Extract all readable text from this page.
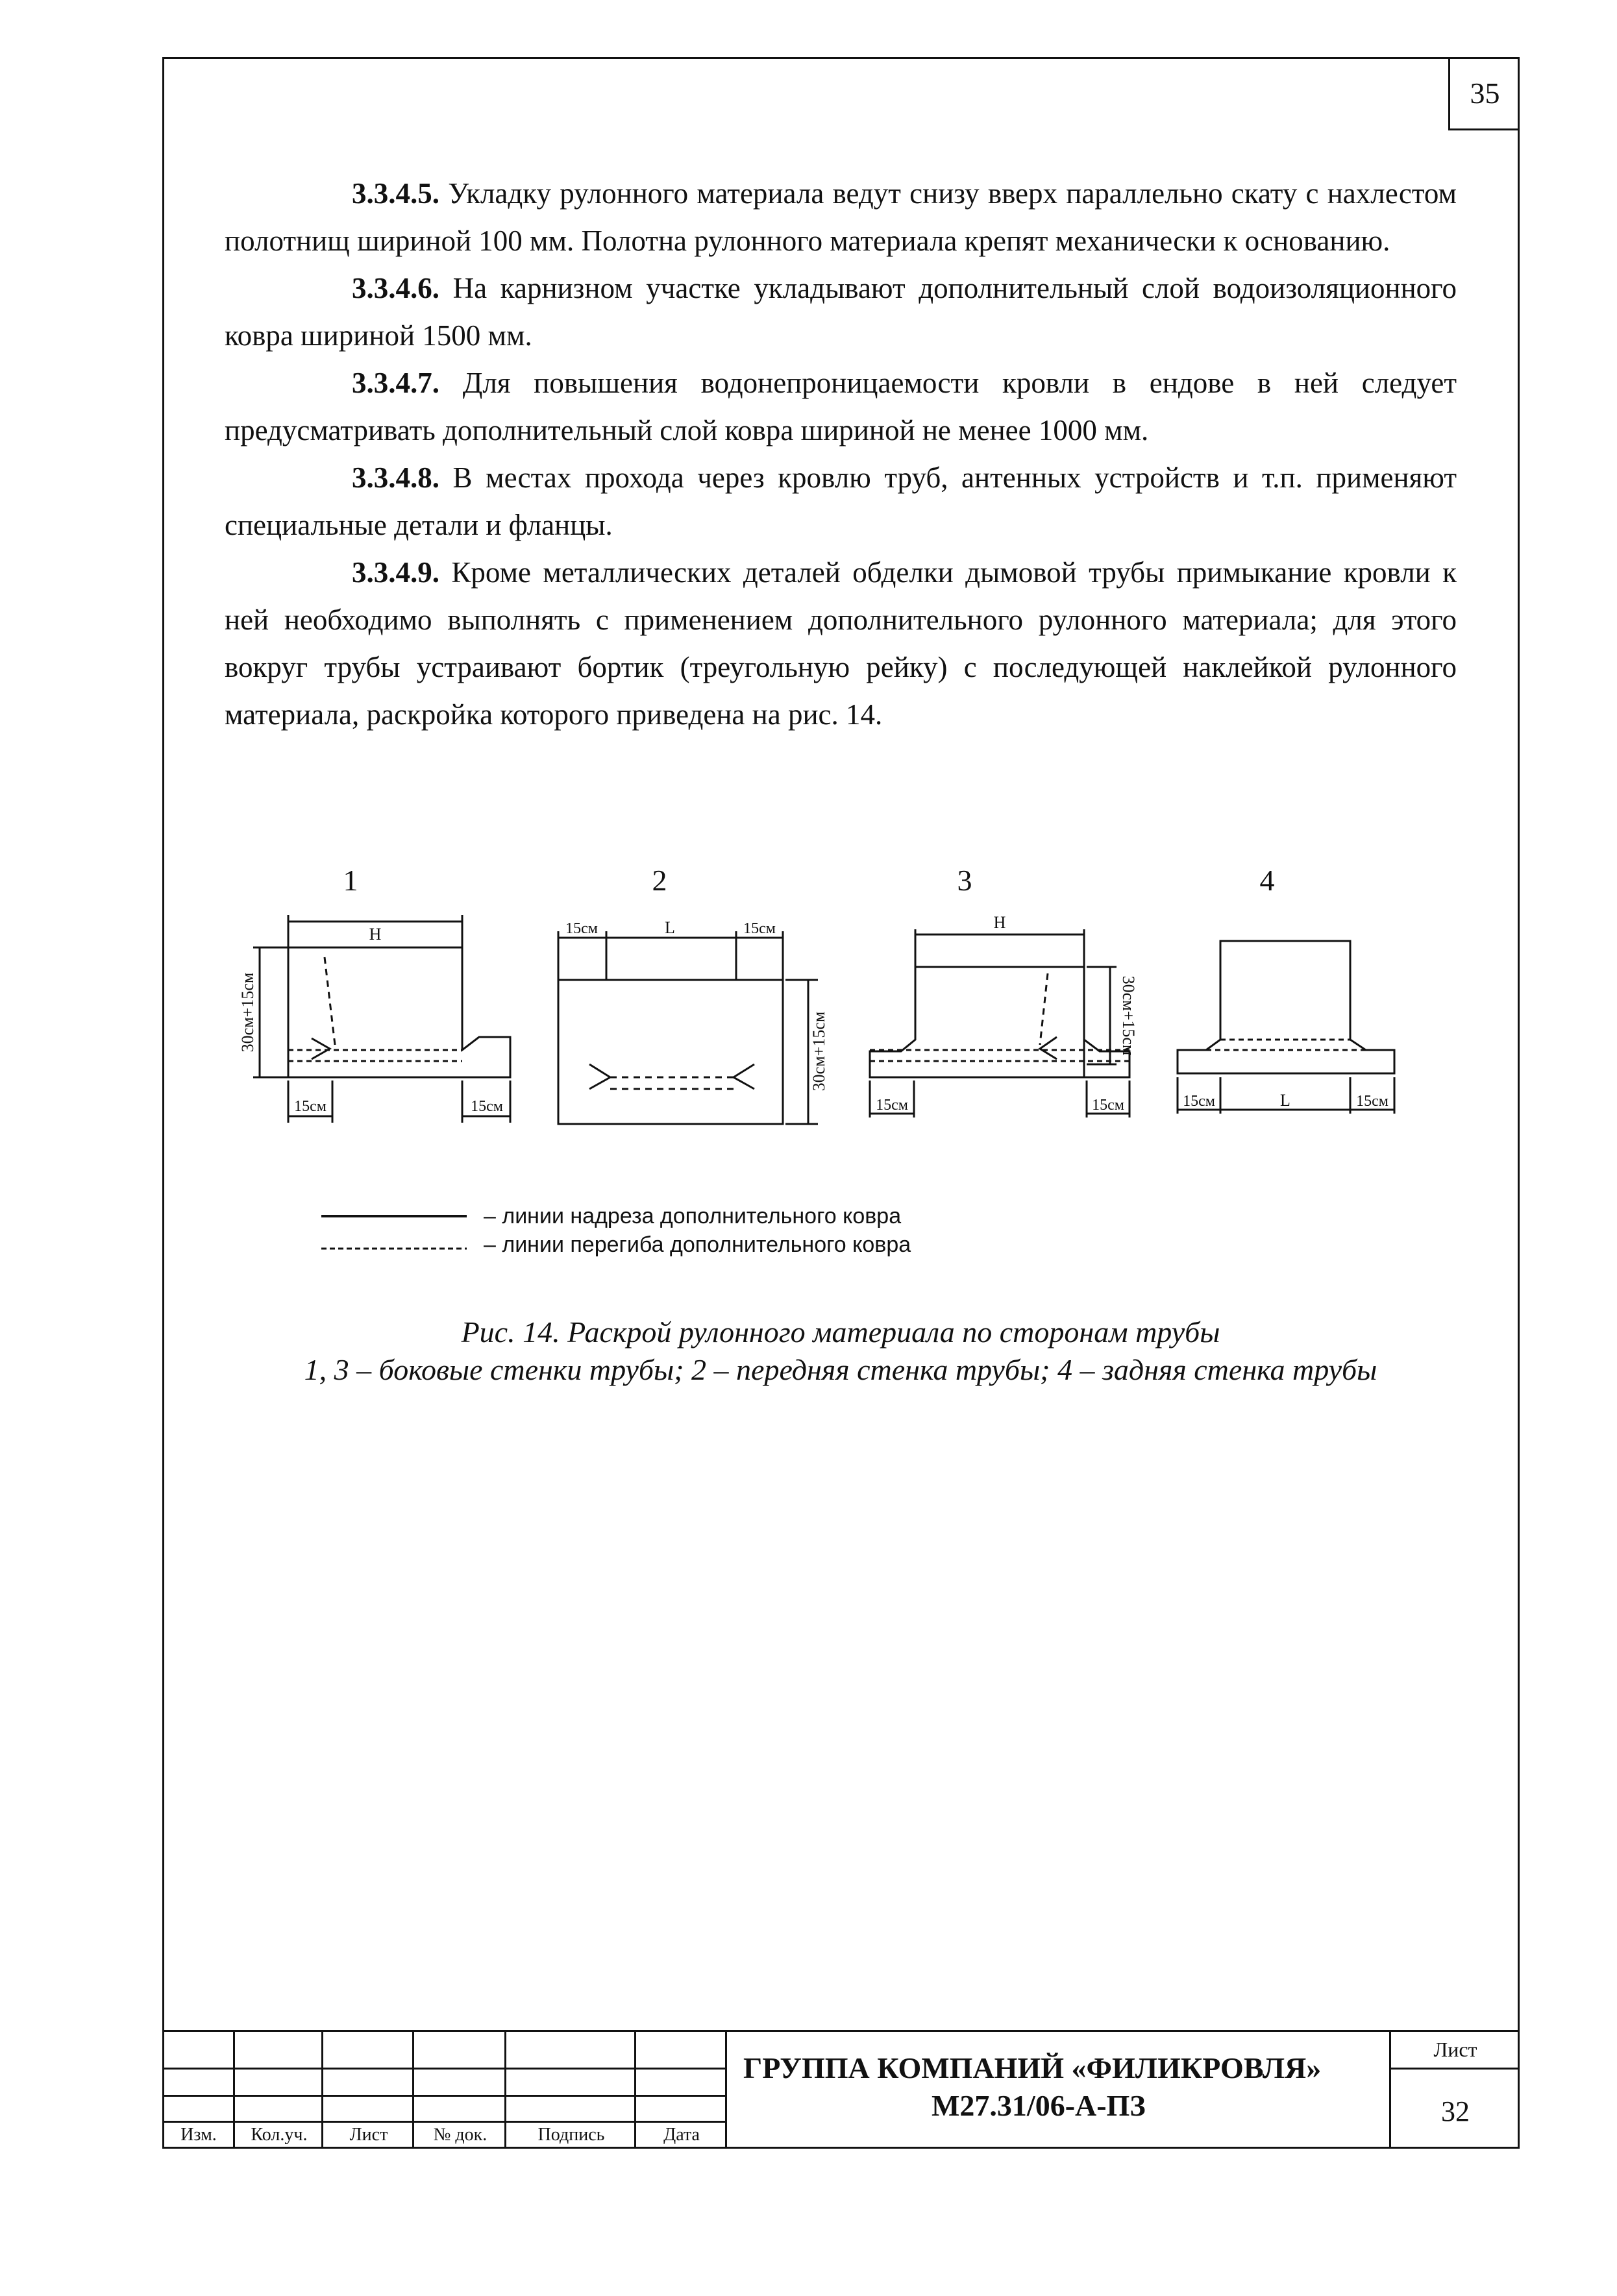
35

3.3.4.5. Укладку рулонного материала ведут снизу вверх параллельно скату с нахлестом полотнищ шириной 100 мм. Полотна рулонного материала крепят механически к основанию.

3.3.4.6. На карнизном участке укладывают дополнительный слой водоизоляционного ковра шириной 1500 мм.

3.3.4.7. Для повышения водонепроницаемости кровли в ендове в ней следует предусматривать дополнительный слой ковра шириной не менее 1000 мм.

3.3.4.8. В местах прохода через кровлю труб, антенных устройств и т.п. применяют специальные детали и фланцы.

3.3.4.9. Кроме металлических деталей обделки дымовой трубы примыкание кровли к ней необходимо выполнять с применением дополнительного рулонного материала; для этого вокруг трубы устраивают бортик (треугольную рейку) с последующей наклейкой рулонного материала, раскройка которого приведена на рис. 14.

1	2	3	4
H
30см+15см
15см	15см
15см	L	15см
30см+15см
H
30см+15см
15см	15см	15см	L	15см
– линии надреза дополнительного ковра
– линии перегиба дополнительного ковра
Рис. 14. Раскрой рулонного материала по сторонам трубы
1, 3 – боковые стенки трубы; 2 – передняя стенка трубы; 4 – задняя стенка трубы
Изм.	Кол.уч.	Лист	№ док.	Подпись	Дата
ГРУППА КОМПАНИЙ «ФИЛИКРОВЛЯ»
М27.31/06-А-ПЗ
Лист
32
